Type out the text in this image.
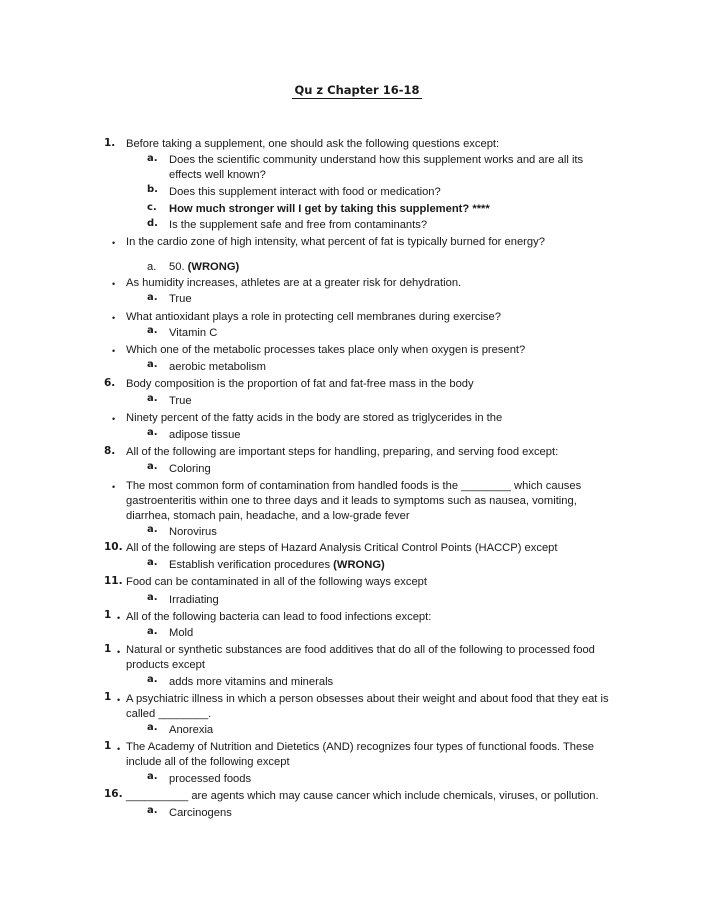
Qu z Chapter 16-18
1. Before taking a supplement, one should ask the following questions except:
a. Does the scientific community understand how this supplement works and are all its
effects well known?
b. Does this supplement interact with food or medication?
c. How much stronger will I get by taking this supplement? ****
d. Is the supplement safe and free from contaminants?
• In the cardio zone of high intensity, what percent of fat is typically burned for energy?
a. 50. (WRONG)
• As humidity increases, athletes are at a greater risk for dehydration.
a. True
• What antioxidant plays a role in protecting cell membranes during exercise?
a. Vitamin C
• Which one of the metabolic processes takes place only when oxygen is present?
a. aerobic metabolism
6. Body composition is the proportion of fat and fat-free mass in the body
a. True
• Ninety percent of the fatty acids in the body are stored as triglycerides in the
a. adipose tissue
8. All of the following are important steps for handling, preparing, and serving food except:
a. Coloring
• The most common form of contamination from handled foods is the ________ which causes
gastroenteritis within one to three days and it leads to symptoms such as nausea, vomiting,
diarrhea, stomach pain, headache, and a low-grade fever
a. Norovirus
10. All of the following are steps of Hazard Analysis Critical Control Points (HACCP) except
a. Establish verification procedures (WRONG)
11. Food can be contaminated in all of the following ways except
a. Irradiating
1 • All of the following bacteria can lead to food infections except:
a. Mold
1 • Natural or synthetic substances are food additives that do all of the following to processed food
products except
a. adds more vitamins and minerals
1 • A psychiatric illness in which a person obsesses about their weight and about food that they eat is
called ________.
a. Anorexia
1 • The Academy of Nutrition and Dietetics (AND) recognizes four types of functional foods. These
include all of the following except
a. processed foods
16. __________ are agents which may cause cancer which include chemicals, viruses, or pollution.
a. Carcinogens
